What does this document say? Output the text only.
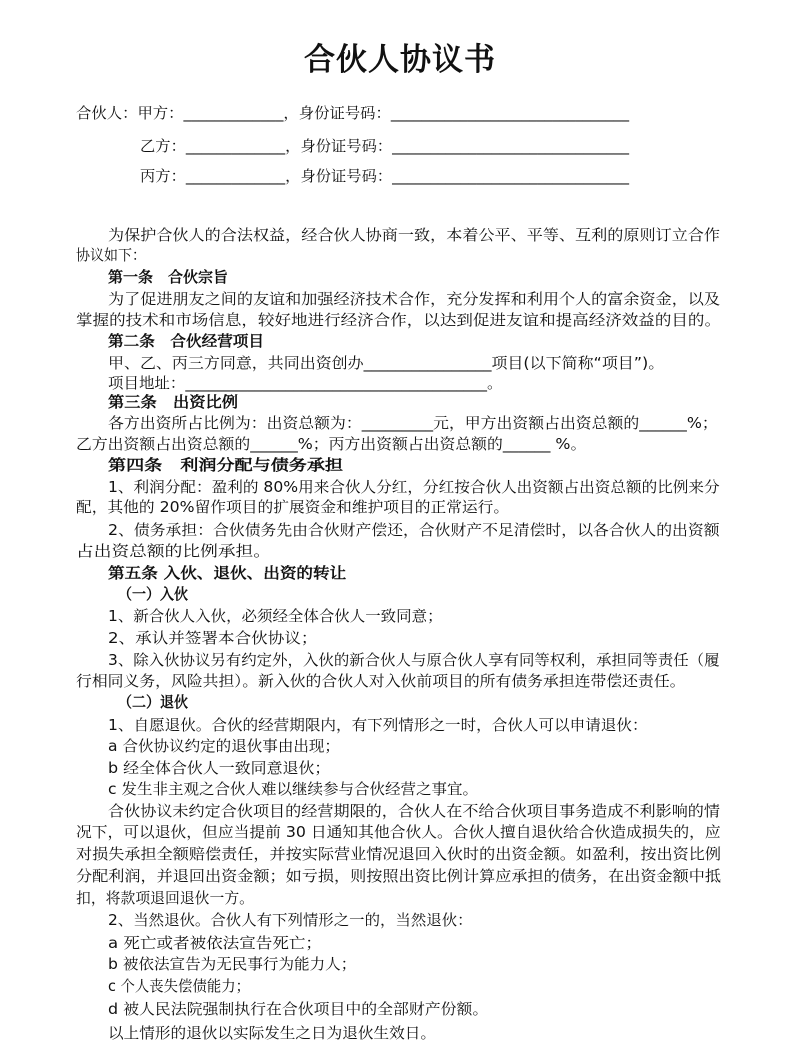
合伙人协议书
合伙人：甲方：_____________，身份证号码：_______________________________
乙方：_____________，身份证号码：_______________________________
丙方：_____________，身份证号码：_______________________________
为保护合伙人的合法权益，经合伙人协商一致，本着公平、平等、互利的原则订立合作
协议如下：
第一条　合伙宗旨
为了促进朋友之间的友谊和加强经济技术合作，充分发挥和利用个人的富余资金，以及
掌握的技术和市场信息，较好地进行经济合作，以达到促进友谊和提高经济效益的目的。
第二条　合伙经营项目
甲、乙、丙三方同意，共同出资创办________________项目(以下简称“项目”)。
项目地址：_______________________________________。
第三条　出资比例
各方出资所占比例为：出资总额为：_________元，甲方出资额占出资总额的______%；
乙方出资额占出资总额的______%；丙方出资额占出资总额的______ %。
第四条　利润分配与债务承担
1、利润分配：盈利的 80%用来合伙人分红，分红按合伙人出资额占出资总额的比例来分
配，其他的 20%留作项目的扩展资金和维护项目的正常运行。
2、债务承担：合伙债务先由合伙财产偿还，合伙财产不足清偿时，以各合伙人的出资额
占出资总额的比例承担。
第五条 入伙、退伙、出资的转让
（一）入伙
1、新合伙人入伙，必须经全体合伙人一致同意；
2、承认并签署本合伙协议；
3、除入伙协议另有约定外，入伙的新合伙人与原合伙人享有同等权利，承担同等责任（履
行相同义务，风险共担）。新入伙的合伙人对入伙前项目的所有债务承担连带偿还责任。
（二）退伙
1、自愿退伙。合伙的经营期限内，有下列情形之一时，合伙人可以申请退伙：
a 合伙协议约定的退伙事由出现；
b 经全体合伙人一致同意退伙；
c 发生非主观之合伙人难以继续参与合伙经营之事宜。
合伙协议未约定合伙项目的经营期限的，合伙人在不给合伙项目事务造成不利影响的情
况下，可以退伙，但应当提前 30 日通知其他合伙人。合伙人擅自退伙给合伙造成损失的，应
对损失承担全额赔偿责任，并按实际营业情况退回入伙时的出资金额。如盈利，按出资比例
分配利润，并退回出资金额；如亏损，则按照出资比例计算应承担的债务，在出资金额中抵
扣，将款项退回退伙一方。
2、当然退伙。合伙人有下列情形之一的，当然退伙：
a 死亡或者被依法宣告死亡；
b 被依法宣告为无民事行为能力人；
c 个人丧失偿债能力；
d 被人民法院强制执行在合伙项目中的全部财产份额。
以上情形的退伙以实际发生之日为退伙生效日。
